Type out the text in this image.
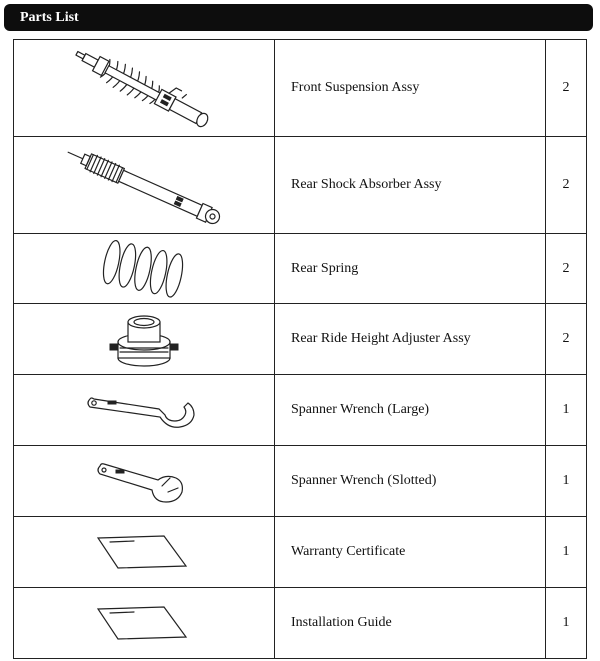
Parts List
	Front Suspension Assy	2

	Rear Shock Absorber Assy	2

	Rear Spring	2

	Rear Ride Height Adjuster Assy	2

	Spanner Wrench (Large)	1

	Spanner Wrench (Slotted)	1

	Warranty Certificate	1

	Installation Guide	1
